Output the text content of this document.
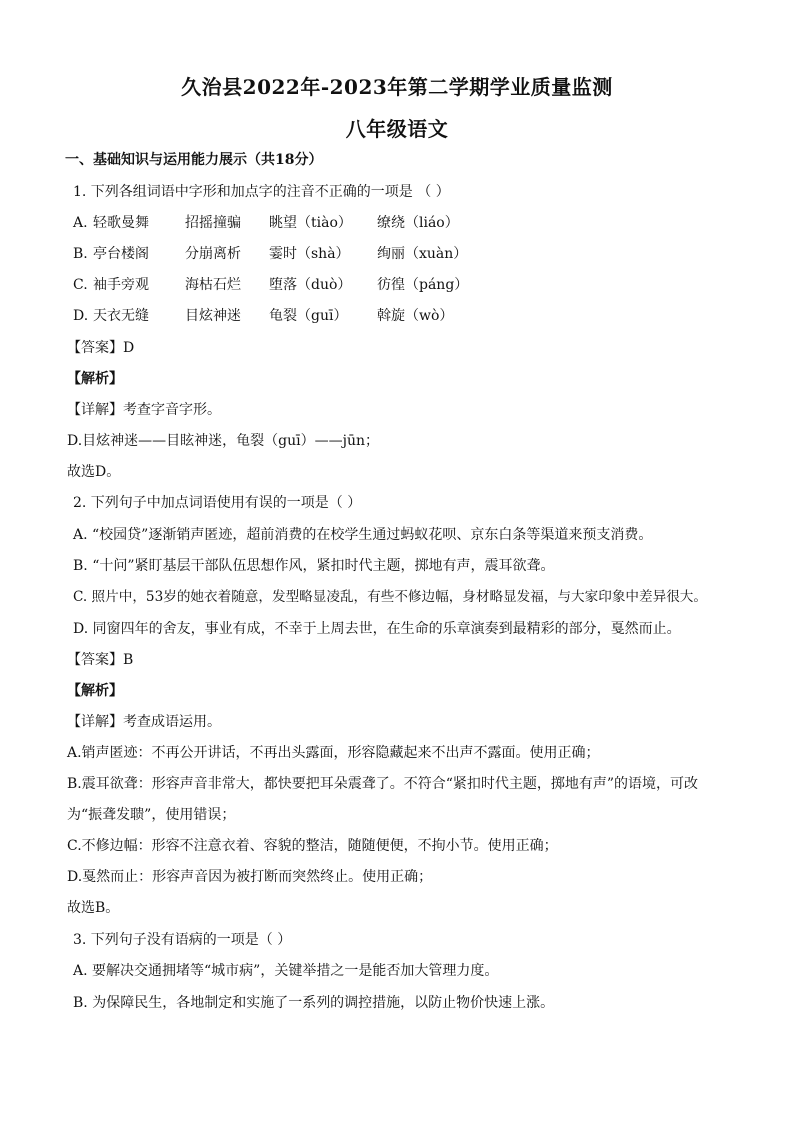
久治县2022年-2023年第二学期学业质量监测
八年级语文
一、基础知识与运用能力展示（共18分）
1. 下列各组词语中字形和加点字的注音不正确的一项是 （ ）
A. 轻歌曼舞	招摇撞骗 眺望（tiào） 缭绕（liáo）
B. 亭台楼阁	分崩离析 霎时（shà） 绚丽（xuàn）
C. 袖手旁观	海枯石烂 堕落（duò） 彷徨（páng）
D. 天衣无缝	目炫神迷 龟裂（guī） 斡旋（wò）
【答案】D
【解析】
【详解】考查字音字形。
D.目炫神迷——目眩神迷，龟裂（guī）——jūn；
故选D。
2. 下列句子中加点词语使用有误的一项是（ ）
A. “校园贷”逐渐销声匿迹，超前消费的在校学生通过蚂蚁花呗、京东白条等渠道来预支消费。
B. “十问”紧盯基层干部队伍思想作风，紧扣时代主题，掷地有声，震耳欲聋。
C. 照片中，53岁的她衣着随意，发型略显凌乱，有些不修边幅，身材略显发福，与大家印象中差异很大。
D. 同窗四年的舍友，事业有成，不幸于上周去世，在生命的乐章演奏到最精彩的部分，戛然而止。
【答案】B
【解析】
【详解】考查成语运用。
A.销声匿迹：不再公开讲话，不再出头露面，形容隐藏起来不出声不露面。使用正确；
B.震耳欲聋：形容声音非常大，都快要把耳朵震聋了。不符合“紧扣时代主题，掷地有声”的语境，可改
为“振聋发聩”，使用错误；
C.不修边幅：形容不注意衣着、容貌的整洁，随随便便，不拘小节。使用正确；
D.戛然而止：形容声音因为被打断而突然终止。使用正确；
故选B。
3. 下列句子没有语病的一项是（ ）
A. 要解决交通拥堵等“城市病”，关键举措之一是能否加大管理力度。
B. 为保障民生，各地制定和实施了一系列的调控措施，以防止物价快速上涨。
